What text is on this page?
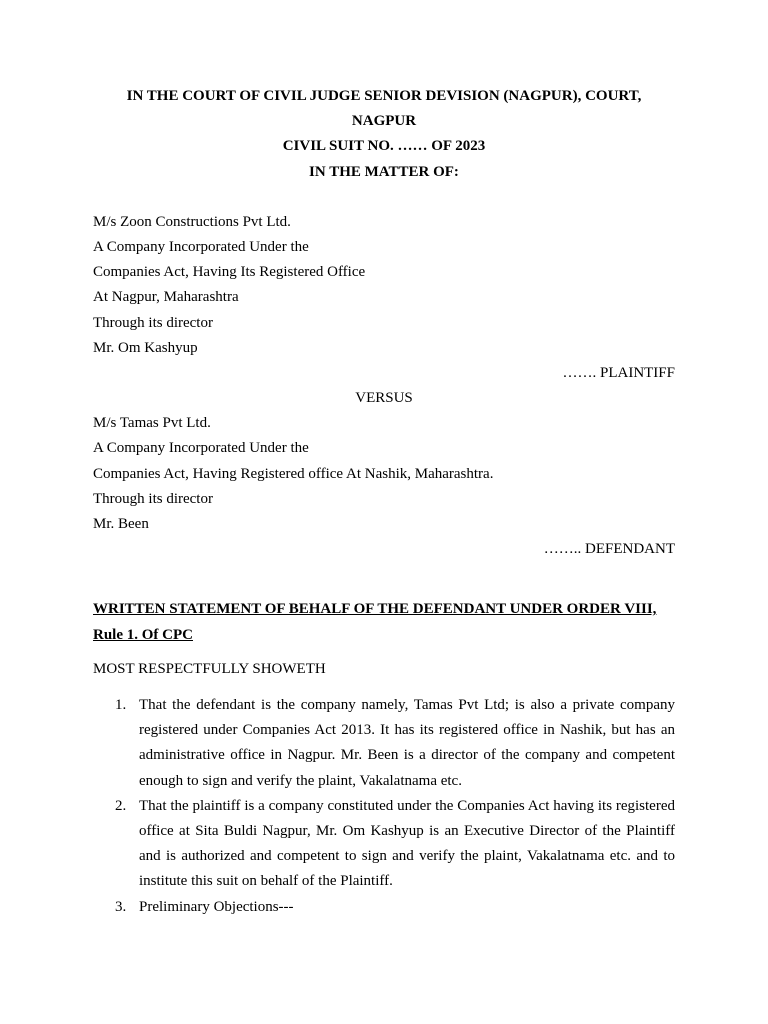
IN THE COURT OF CIVIL JUDGE SENIOR DEVISION (NAGPUR), COURT,
NAGPUR
CIVIL SUIT NO. …… OF 2023
IN THE MATTER OF:
M/s Zoon Constructions Pvt Ltd.
A Company Incorporated Under the
Companies Act, Having Its Registered Office
At Nagpur, Maharashtra
Through its director
Mr. Om Kashyup
……. PLAINTIFF
VERSUS
M/s Tamas Pvt Ltd.
A Company Incorporated Under the
Companies Act, Having Registered office At Nashik, Maharashtra.
Through its director
Mr. Been
…….. DEFENDANT
WRITTEN STATEMENT OF BEHALF OF THE DEFENDANT UNDER ORDER VIII,
Rule 1. Of CPC
MOST RESPECTFULLY SHOWETH
1. That the defendant is the company namely, Tamas Pvt Ltd; is also a private company registered under Companies Act 2013. It has its registered office in Nashik, but has an administrative office in Nagpur. Mr. Been is a director of the company and competent enough to sign and verify the plaint, Vakalatnama etc.
2. That the plaintiff is a company constituted under the Companies Act having its registered office at Sita Buldi Nagpur, Mr. Om Kashyup is an Executive Director of the Plaintiff and is authorized and competent to sign and verify the plaint, Vakalatnama etc. and to institute this suit on behalf of the Plaintiff.
3. Preliminary Objections---
